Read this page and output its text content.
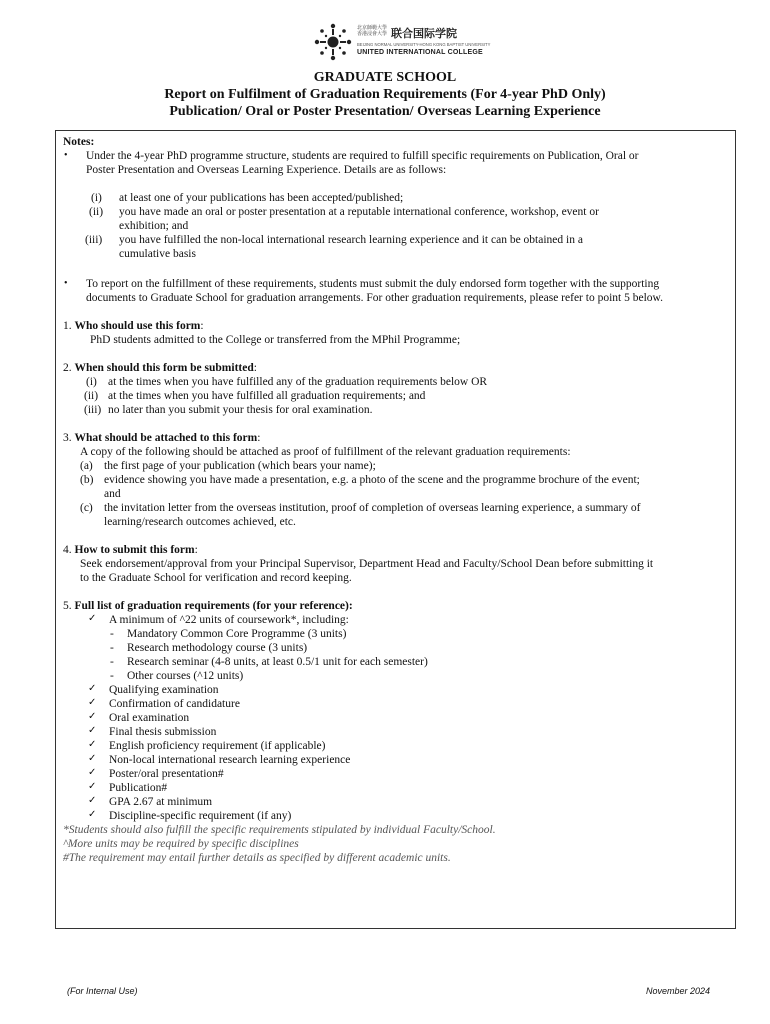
北京師範大學
香港浸會大學 联合国际学院
BEIJING NORMAL UNIVERSITY-HONG KONG BAPTIST UNIVERSITY
UNITED INTERNATIONAL COLLEGE
GRADUATE SCHOOL
Report on Fulfilment of Graduation Requirements (For 4-year PhD Only)
Publication/ Oral or Poster Presentation/ Overseas Learning Experience
Notes:
• Under the 4-year PhD programme structure, students are required to fulfill specific requirements on Publication, Oral or
Poster Presentation and Overseas Learning Experience. Details are as follows:
(i) at least one of your publications has been accepted/published;
(ii) you have made an oral or poster presentation at a reputable international conference, workshop, event or
exhibition; and
(iii) you have fulfilled the non-local international research learning experience and it can be obtained in a
cumulative basis
• To report on the fulfillment of these requirements, students must submit the duly endorsed form together with the supporting
documents to Graduate School for graduation arrangements. For other graduation requirements, please refer to point 5 below.
1. Who should use this form:
PhD students admitted to the College or transferred from the MPhil Programme;
2. When should this form be submitted:
(i) at the times when you have fulfilled any of the graduation requirements below OR
(ii) at the times when you have fulfilled all graduation requirements; and
(iii) no later than you submit your thesis for oral examination.
3. What should be attached to this form:
A copy of the following should be attached as proof of fulfillment of the relevant graduation requirements:
(a) the first page of your publication (which bears your name);
(b) evidence showing you have made a presentation, e.g. a photo of the scene and the programme brochure of the event;
and
(c) the invitation letter from the overseas institution, proof of completion of overseas learning experience, a summary of
learning/research outcomes achieved, etc.
4. How to submit this form:
Seek endorsement/approval from your Principal Supervisor, Department Head and Faculty/School Dean before submitting it
to the Graduate School for verification and record keeping.
5. Full list of graduation requirements (for your reference):
✓ A minimum of ^22 units of coursework*, including:
- Mandatory Common Core Programme (3 units)
- Research methodology course (3 units)
- Research seminar (4-8 units, at least 0.5/1 unit for each semester)
- Other courses (^12 units)
✓ Qualifying examination
✓ Confirmation of candidature
✓ Oral examination
✓ Final thesis submission
✓ English proficiency requirement (if applicable)
✓ Non-local international research learning experience
✓ Poster/oral presentation#
✓ Publication#
✓ GPA 2.67 at minimum
✓ Discipline-specific requirement (if any)
*Students should also fulfill the specific requirements stipulated by individual Faculty/School.
^More units may be required by specific disciplines
#The requirement may entail further details as specified by different academic units.
(For Internal Use)	November 2024
